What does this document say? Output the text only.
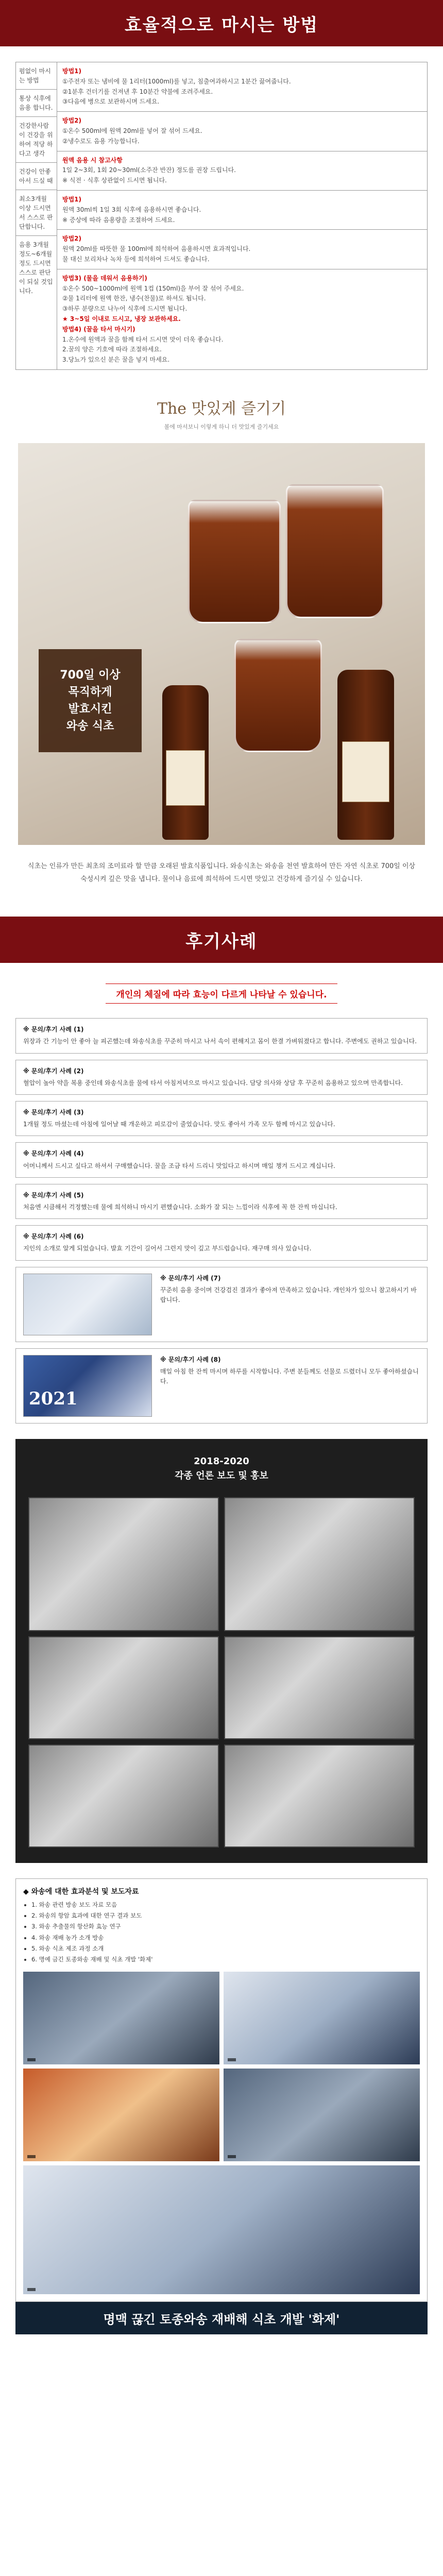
효율적으로 마시는 방법
펌없이 마시는 방법
통상 식후에 음용 합니다.
건강한사람이 건강을 위하여 적당 하다고 생각
건강이 안좋아서 드실 때
최소3개월 이상 드시면서 스스로 판단합니다.
음용 3개월정도~6개월 정도 드시면 스스로 판단이 되실 것입니다.
방법1)
①주전자 또는 냄비에 물 1리터(1000ml)를 넣고, 침출여과하시고 1분간 끓여줍니다.
②1분후 건더기를 건져낸 후 10분간 약불에 조려주세요.
③다음에 병으로 보관하시며 드세요.
방법2)
①온수 500ml에 원액 20ml를 넣어 잘 섞어 드세요.
②냉수로도 음용 가능합니다.
원액 음용 시 참고사항
1일 2~3회, 1회 20~30ml(소주잔 반잔) 정도를 권장 드립니다.
※ 식전 · 식후 상관없이 드시면 됩니다.
방법1)
원액 30ml씩 1일 3회 식후에 음용하시면 좋습니다.
※ 증상에 따라 음용량을 조절하여 드세요.
방법2)
원액 20ml를 따뜻한 물 100ml에 희석하여 음용하시면 효과적입니다.
물 대신 보리차나 녹차 등에 희석하여 드셔도 좋습니다.
방법3) (물을 데워서 음용하기)
①온수 500~1000ml에 원액 1컵 (150ml)을 부어 잘 섞어 주세요.
②물 1리터에 원액 한잔, 냉수(찬물)로 하셔도 됩니다.
③하루 분량으로 나누어 식후에 드시면 됩니다.
★ 3~5일 이내로 드시고, 냉장 보관하세요.
방법4) (꿀을 타서 마시기)
1.온수에 원액과 꿀을 함께 타서 드시면 맛이 더욱 좋습니다.
2.꿀의 양은 기호에 따라 조절하세요.
3.당뇨가 있으신 분은 꿀을 넣지 마세요.
The 맛있게 즐기기
볼에 마셔보니 이렇게 하니 더 맛있게 즐기세요
700일 이상
목직하게
발효시킨
와송 식초
식초는 인류가 만든 최초의 조미료라 할 만큼 오래된 발효식품입니다. 와송식초는 와송을 천연 발효하여 만든 자연 식초로 700일 이상 숙성시켜 깊은 맛을 냅니다. 물이나 음료에 희석하여 드시면 맛있고 건강하게 즐기실 수 있습니다.
후기사례
개인의 체질에 따라 효능이 다르게 나타날 수 있습니다.
※ 문의/후기 사례 (1)
위장과 간 기능이 안 좋아 늘 피곤했는데 와송식초를 꾸준히 마시고 나서 속이 편해지고 몸이 한결 가벼워졌다고 합니다. 주변에도 권하고 있습니다.
※ 문의/후기 사례 (2)
혈압이 높아 약을 복용 중인데 와송식초를 물에 타서 아침저녁으로 마시고 있습니다. 담당 의사와 상담 후 꾸준히 음용하고 있으며 만족합니다.
※ 문의/후기 사례 (3)
1개월 정도 마셨는데 아침에 일어날 때 개운하고 피로감이 줄었습니다. 맛도 좋아서 가족 모두 함께 마시고 있습니다.
※ 문의/후기 사례 (4)
어머니께서 드시고 싶다고 하셔서 구매했습니다. 꿀을 조금 타서 드리니 맛있다고 하시며 매일 챙겨 드시고 계십니다.
※ 문의/후기 사례 (5)
처음엔 시큼해서 걱정했는데 물에 희석하니 마시기 편했습니다. 소화가 잘 되는 느낌이라 식후에 꼭 한 잔씩 마십니다.
※ 문의/후기 사례 (6)
지인의 소개로 알게 되었습니다. 발효 기간이 길어서 그런지 맛이 깊고 부드럽습니다. 재구매 의사 있습니다.
※ 문의/후기 사례 (7)
꾸준히 음용 중이며 건강검진 결과가 좋아져 만족하고 있습니다. 개인차가 있으니 참고하시기 바랍니다.
2021
※ 문의/후기 사례 (8)
매일 아침 한 잔씩 마시며 하루를 시작합니다. 주변 분들께도 선물로 드렸더니 모두 좋아하셨습니다.
2018-2020
각종 언론 보도 및 홍보
◆ 와송에 대한 효과분석 및 보도자료
• 1. 와송 관련 방송 보도 자료 모음
• 2. 와송의 항암 효과에 대한 연구 결과 보도
• 3. 와송 추출물의 항산화 효능 연구
• 4. 와송 재배 농가 소개 방송
• 5. 와송 식초 제조 과정 소개
• 6. 명예 금긴 토종와송 재배 및 식초 개발 '화제'
명맥 끊긴 토종와송 재배해 식초 개발 '화제'
